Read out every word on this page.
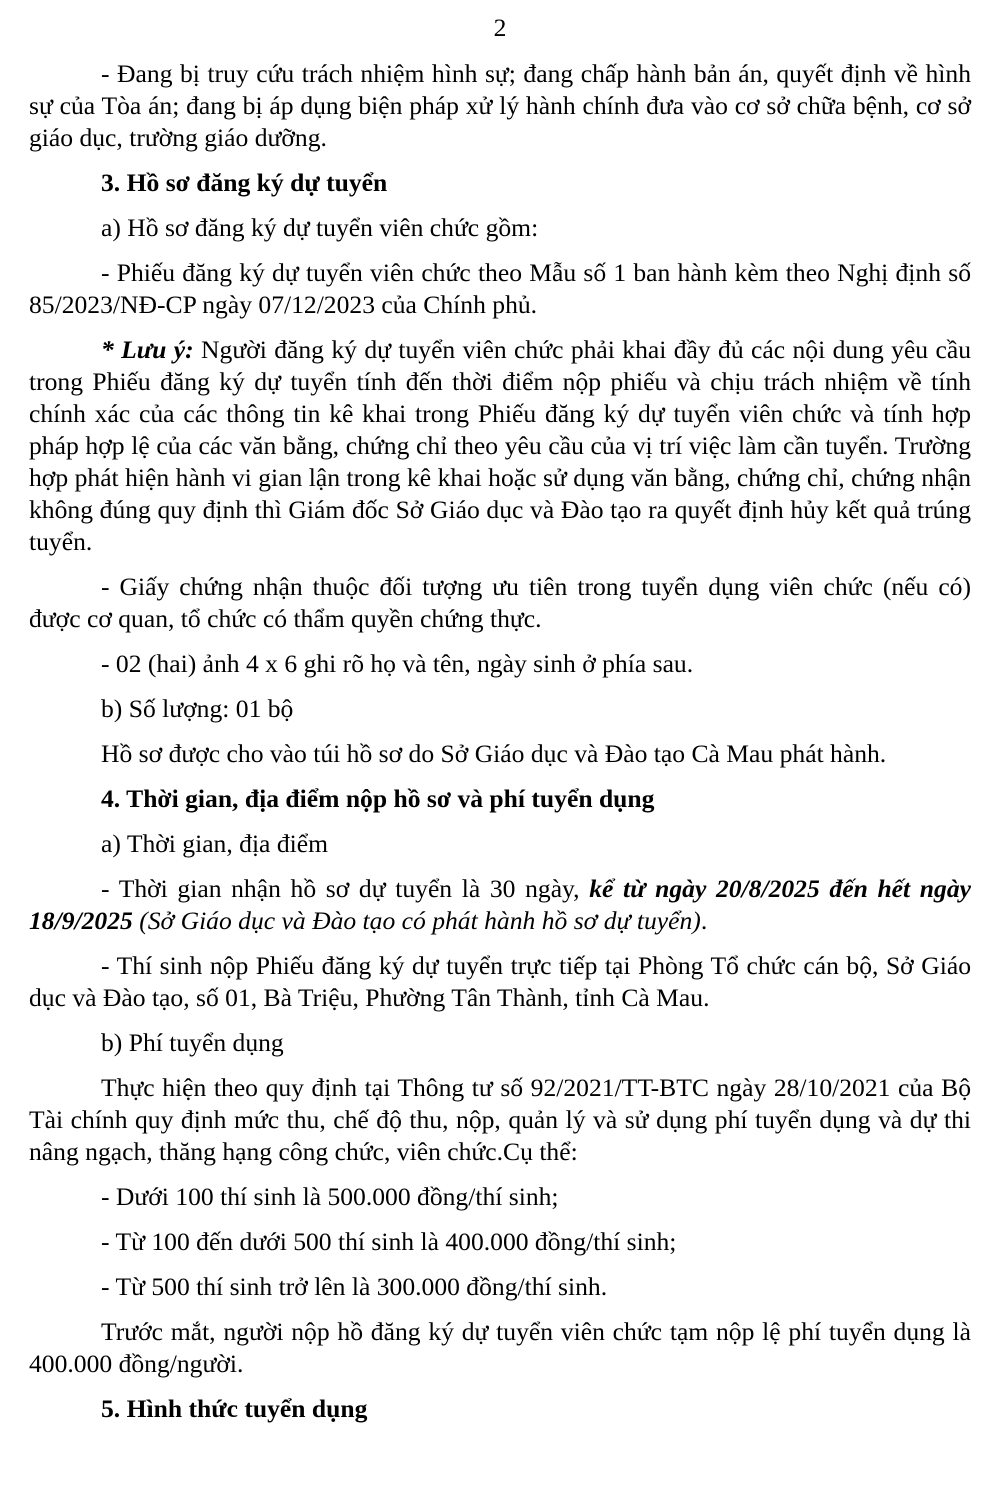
2

- Đang bị truy cứu trách nhiệm hình sự; đang chấp hành bản án, quyết định về hình sự của Tòa án; đang bị áp dụng biện pháp xử lý hành chính đưa vào cơ sở chữa bệnh, cơ sở giáo dục, trường giáo dưỡng.

3. Hồ sơ đăng ký dự tuyển

a) Hồ sơ đăng ký dự tuyển viên chức gồm:

- Phiếu đăng ký dự tuyển viên chức theo Mẫu số 1 ban hành kèm theo Nghị định số 85/2023/NĐ-CP ngày 07/12/2023 của Chính phủ.

* Lưu ý: Người đăng ký dự tuyển viên chức phải khai đầy đủ các nội dung yêu cầu trong Phiếu đăng ký dự tuyển tính đến thời điểm nộp phiếu và chịu trách nhiệm về tính chính xác của các thông tin kê khai trong Phiếu đăng ký dự tuyển viên chức và tính hợp pháp hợp lệ của các văn bằng, chứng chỉ theo yêu cầu của vị trí việc làm cần tuyển. Trường hợp phát hiện hành vi gian lận trong kê khai hoặc sử dụng văn bằng, chứng chỉ, chứng nhận không đúng quy định thì Giám đốc Sở Giáo dục và Đào tạo ra quyết định hủy kết quả trúng tuyển.

- Giấy chứng nhận thuộc đối tượng ưu tiên trong tuyển dụng viên chức (nếu có) được cơ quan, tổ chức có thẩm quyền chứng thực.

- 02 (hai) ảnh 4 x 6 ghi rõ họ và tên, ngày sinh ở phía sau.

b) Số lượng: 01 bộ

Hồ sơ được cho vào túi hồ sơ do Sở Giáo dục và Đào tạo Cà Mau phát hành.

4. Thời gian, địa điểm nộp hồ sơ và phí tuyển dụng

a) Thời gian, địa điểm

- Thời gian nhận hồ sơ dự tuyển là 30 ngày, kể từ ngày 20/8/2025 đến hết ngày 18/9/2025 (Sở Giáo dục và Đào tạo có phát hành hồ sơ dự tuyển).

- Thí sinh nộp Phiếu đăng ký dự tuyển trực tiếp tại Phòng Tổ chức cán bộ, Sở Giáo dục và Đào tạo, số 01, Bà Triệu, Phường Tân Thành, tỉnh Cà Mau.

b) Phí tuyển dụng

Thực hiện theo quy định tại Thông tư số 92/2021/TT-BTC ngày 28/10/2021 của Bộ Tài chính quy định mức thu, chế độ thu, nộp, quản lý và sử dụng phí tuyển dụng và dự thi nâng ngạch, thăng hạng công chức, viên chức.Cụ thể:

- Dưới 100 thí sinh là 500.000 đồng/thí sinh;

- Từ 100 đến dưới 500 thí sinh là 400.000 đồng/thí sinh;

- Từ 500 thí sinh trở lên là 300.000 đồng/thí sinh.

Trước mắt, người nộp hồ đăng ký dự tuyển viên chức tạm nộp lệ phí tuyển dụng là 400.000 đồng/người.

5. Hình thức tuyển dụng
